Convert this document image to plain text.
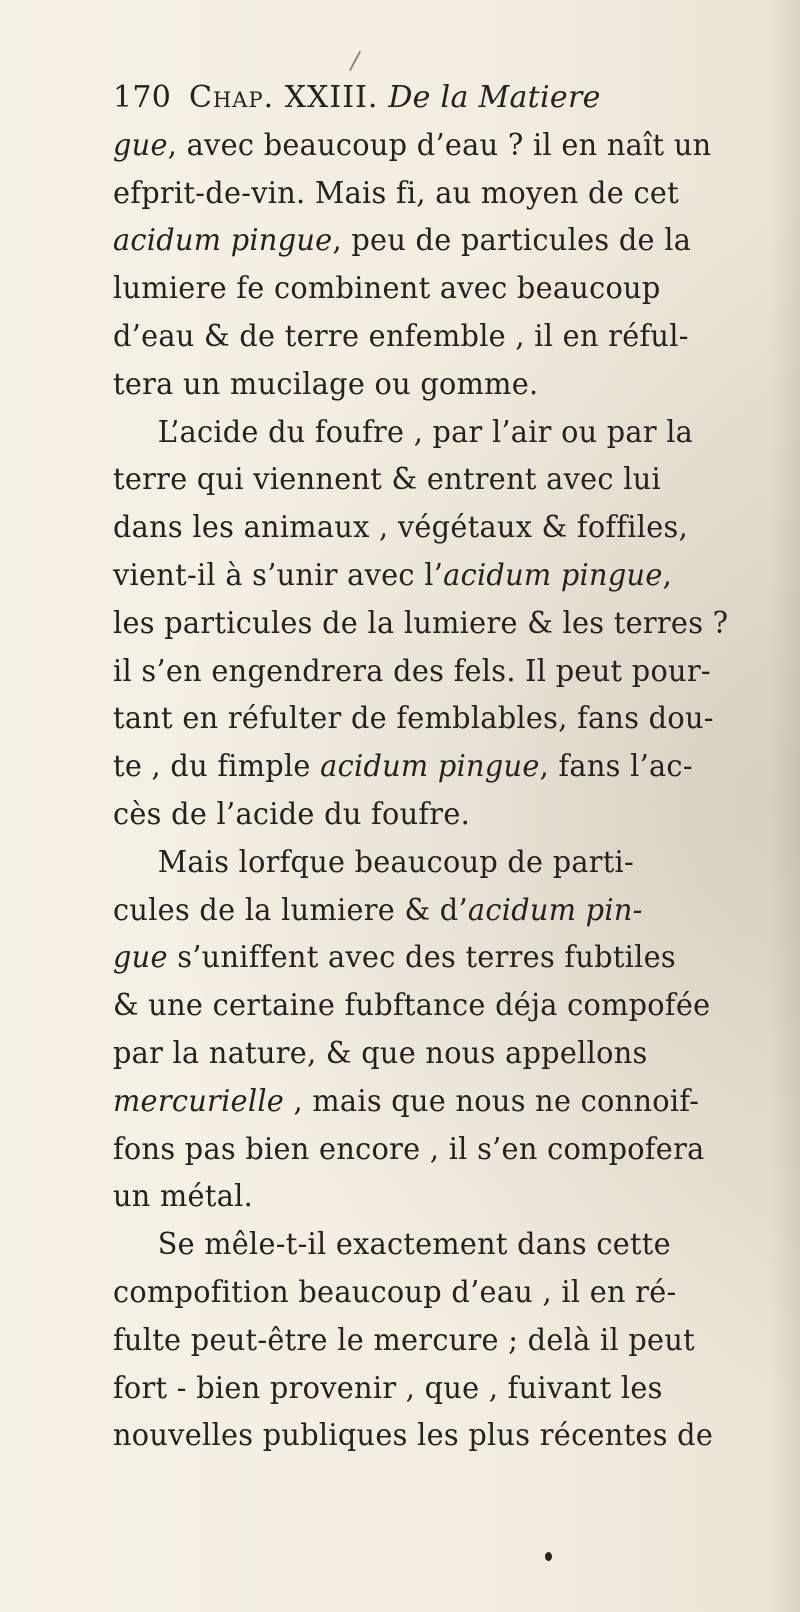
170 Chap. XXIII. De la Matiere
gue, avec beaucoup d’eau ? il en naît un
efprit-de-vin. Mais fi, au moyen de cet
acidum pingue, peu de particules de la
lumiere fe combinent avec beaucoup
d’eau & de terre enfemble , il en réful-
tera un mucilage ou gomme.
L’acide du foufre , par l’air ou par la
terre qui viennent & entrent avec lui
dans les animaux , végétaux & foffiles,
vient-il à s’unir avec l’acidum pingue,
les particules de la lumiere & les terres ?
il s’en engendrera des fels. Il peut pour-
tant en réfulter de femblables, fans dou-
te , du fimple acidum pingue, fans l’ac-
cès de l’acide du foufre.
Mais lorfque beaucoup de parti-
cules de la lumiere & d’acidum pin-
gue s’uniffent avec des terres fubtiles
& une certaine fubftance déja compofée
par la nature, & que nous appellons
mercurielle , mais que nous ne connoif-
fons pas bien encore , il s’en compofera
un métal.
Se mêle-t-il exactement dans cette
compofition beaucoup d’eau , il en ré-
fulte peut-être le mercure ; delà il peut
fort - bien provenir , que , fuivant les
nouvelles publiques les plus récentes de
